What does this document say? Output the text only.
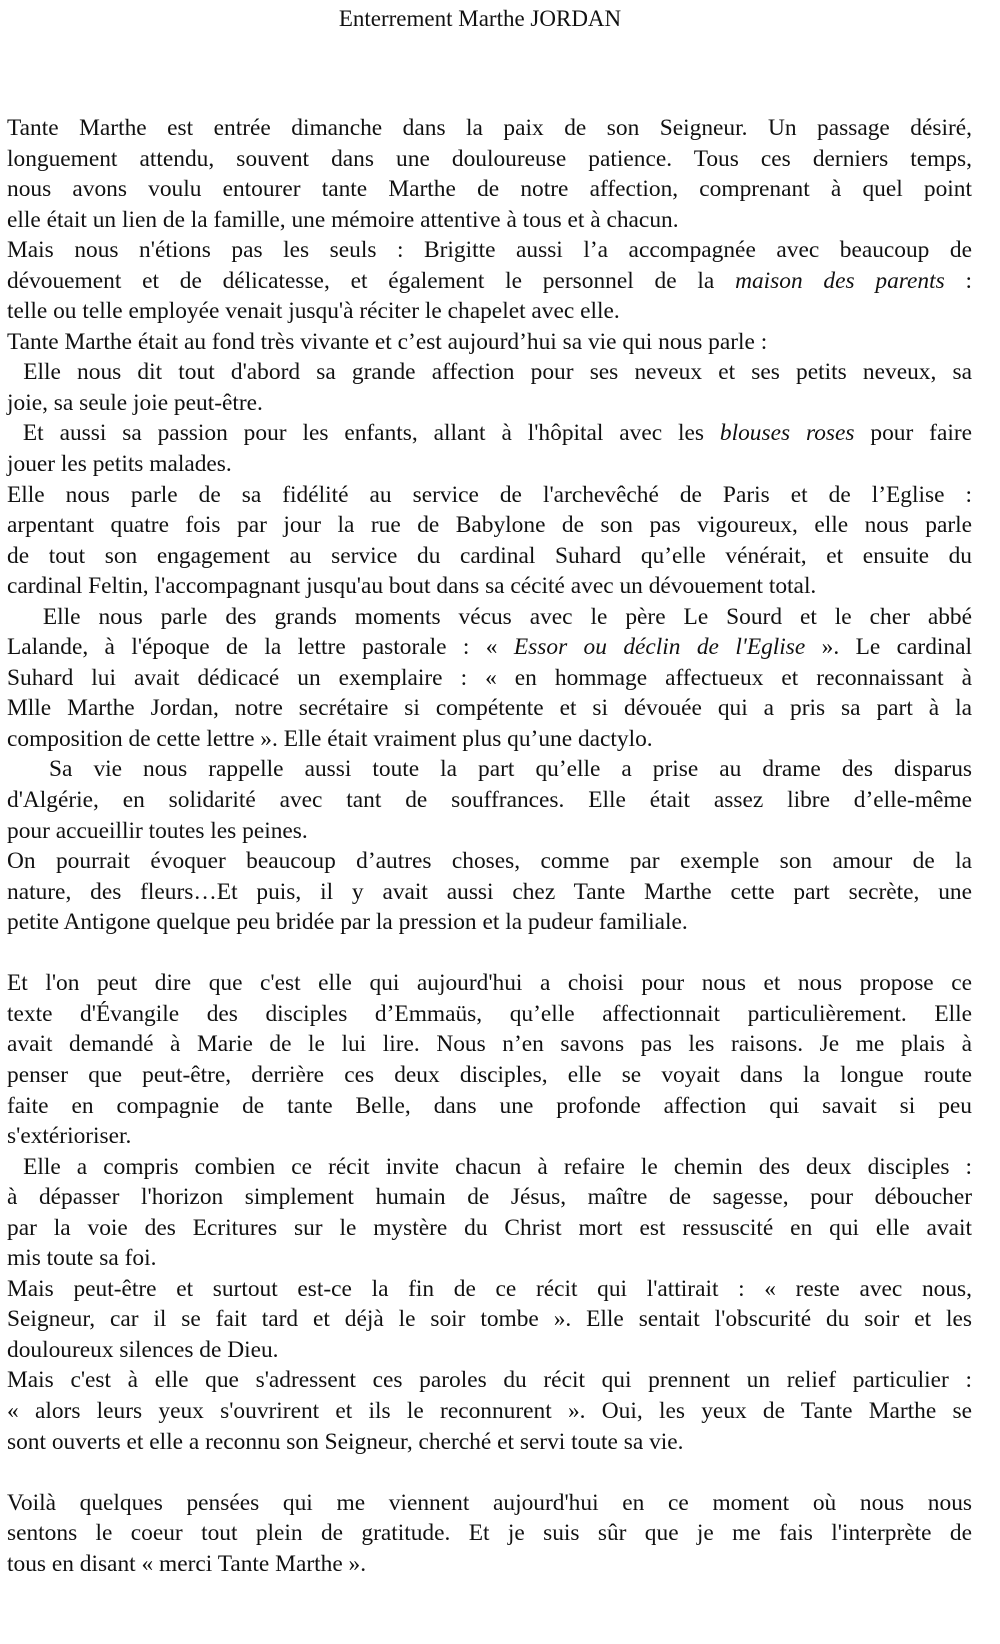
Enterrement Marthe JORDAN
Tante Marthe est entrée dimanche dans la paix de son Seigneur. Un passage désiré,
longuement attendu, souvent dans une douloureuse patience. Tous ces derniers temps,
nous avons voulu entourer tante Marthe de notre affection, comprenant à quel point
elle était un lien de la famille, une mémoire attentive à tous et à chacun.
Mais nous n'étions pas les seuls : Brigitte aussi l’a accompagnée avec beaucoup de
dévouement et de délicatesse, et également le personnel de la maison des parents :
telle ou telle employée venait jusqu'à réciter le chapelet avec elle.
Tante Marthe était au fond très vivante et c’est aujourd’hui sa vie qui nous parle :
Elle nous dit tout d'abord sa grande affection pour ses neveux et ses petits neveux, sa
joie, sa seule joie peut-être.
Et aussi sa passion pour les enfants, allant à l'hôpital avec les blouses roses pour faire
jouer les petits malades.
Elle nous parle de sa fidélité au service de l'archevêché de Paris et de l’Eglise :
arpentant quatre fois par jour la rue de Babylone de son pas vigoureux, elle nous parle
de tout son engagement au service du cardinal Suhard qu’elle vénérait, et ensuite du
cardinal Feltin, l'accompagnant jusqu'au bout dans sa cécité avec un dévouement total.
Elle nous parle des grands moments vécus avec le père Le Sourd et le cher abbé
Lalande, à l'époque de la lettre pastorale : « Essor ou déclin de l'Eglise ». Le cardinal
Suhard lui avait dédicacé un exemplaire : « en hommage affectueux et reconnaissant à
Mlle Marthe Jordan, notre secrétaire si compétente et si dévouée qui a pris sa part à la
composition de cette lettre ». Elle était vraiment plus qu’une dactylo.
Sa vie nous rappelle aussi toute la part qu’elle a prise au drame des disparus
d'Algérie, en solidarité avec tant de souffrances. Elle était assez libre d’elle-même
pour accueillir toutes les peines.
On pourrait évoquer beaucoup d’autres choses, comme par exemple son amour de la
nature, des fleurs…Et puis, il y avait aussi chez Tante Marthe cette part secrète, une
petite Antigone quelque peu bridée par la pression et la pudeur familiale.
Et l'on peut dire que c'est elle qui aujourd'hui a choisi pour nous et nous propose ce
texte d'Évangile des disciples d’Emmaüs, qu’elle affectionnait particulièrement. Elle
avait demandé à Marie de le lui lire. Nous n’en savons pas les raisons. Je me plais à
penser que peut-être, derrière ces deux disciples, elle se voyait dans la longue route
faite en compagnie de tante Belle, dans une profonde affection qui savait si peu
s'extérioriser.
Elle a compris combien ce récit invite chacun à refaire le chemin des deux disciples :
à dépasser l'horizon simplement humain de Jésus, maître de sagesse, pour déboucher
par la voie des Ecritures sur le mystère du Christ mort est ressuscité en qui elle avait
mis toute sa foi.
Mais peut-être et surtout est-ce la fin de ce récit qui l'attirait : « reste avec nous,
Seigneur, car il se fait tard et déjà le soir tombe ». Elle sentait l'obscurité du soir et les
douloureux silences de Dieu.
Mais c'est à elle que s'adressent ces paroles du récit qui prennent un relief particulier :
« alors leurs yeux s'ouvrirent et ils le reconnurent ». Oui, les yeux de Tante Marthe se
sont ouverts et elle a reconnu son Seigneur, cherché et servi toute sa vie.
Voilà quelques pensées qui me viennent aujourd'hui en ce moment où nous nous
sentons le coeur tout plein de gratitude. Et je suis sûr que je me fais l'interprète de
tous en disant « merci Tante Marthe ».
